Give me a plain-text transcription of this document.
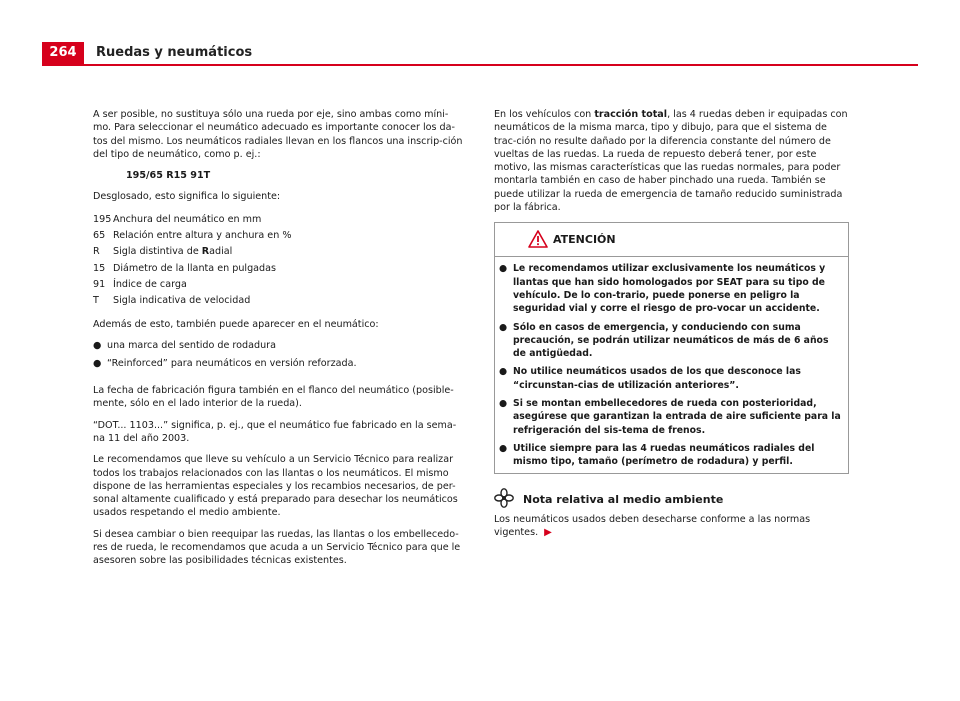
264	Ruedas y neumáticos

A ser posible, no sustituya sólo una rueda por eje, sino ambas como míni-mo. Para seleccionar el neumático adecuado es importante conocer los da-tos del mismo. Los neumáticos radiales llevan en los flancos una inscrip-ción del tipo de neumático, como p. ej.:

195/65 R15 91T

Desglosado, esto significa lo siguiente:

195 Anchura del neumático en mm
65 Relación entre altura y anchura en %
R	Sigla distintiva de Radial
15 Diámetro de la llanta en pulgadas
91 Índice de carga
T	Sigla indicativa de velocidad

Además de esto, también puede aparecer en el neumático:

● una marca del sentido de rodadura
● “Reinforced” para neumáticos en versión reforzada.

La fecha de fabricación figura también en el flanco del neumático (posible-mente, sólo en el lado interior de la rueda).

“DOT... 1103...” significa, p. ej., que el neumático fue fabricado en la sema-na 11 del año 2003.

Le recomendamos que lleve su vehículo a un Servicio Técnico para realizar todos los trabajos relacionados con las llantas o los neumáticos. El mismo dispone de las herramientas especiales y los recambios necesarios, de per-sonal altamente cualificado y está preparado para desechar los neumáticos usados respetando el medio ambiente.

Si desea cambiar o bien reequipar las ruedas, las llantas o los embellecedo-res de rueda, le recomendamos que acuda a un Servicio Técnico para que le asesoren sobre las posibilidades técnicas existentes.

En los vehículos con tracción total, las 4 ruedas deben ir equipadas con neumáticos de la misma marca, tipo y dibujo, para que el sistema de trac-ción no resulte dañado por la diferencia constante del número de vueltas de las ruedas. La rueda de repuesto deberá tener, por este motivo, las mismas características que las ruedas normales, para poder montarla también en caso de haber pinchado una rueda. También se puede utilizar la rueda de emergencia de tamaño reducido suministrada por la fábrica.

ATENCIÓN
● Le recomendamos utilizar exclusivamente los neumáticos y llantas que han sido homologados por SEAT para su tipo de vehículo. De lo con-trario, puede ponerse en peligro la seguridad vial y corre el riesgo de pro-vocar un accidente.
● Sólo en casos de emergencia, y conduciendo con suma precaución, se podrán utilizar neumáticos de más de 6 años de antigüedad.
● No utilice neumáticos usados de los que desconoce las “circunstan-cias de utilización anteriores”.
● Si se montan embellecedores de rueda con posterioridad, asegúrese que garantizan la entrada de aire suficiente para la refrigeración del sis-tema de frenos.
● Utilice siempre para las 4 ruedas neumáticos radiales del mismo tipo, tamaño (perímetro de rodadura) y perfil.
Nota relativa al medio ambiente

Los neumáticos usados deben desecharse conforme a las normas vigentes. ▶
